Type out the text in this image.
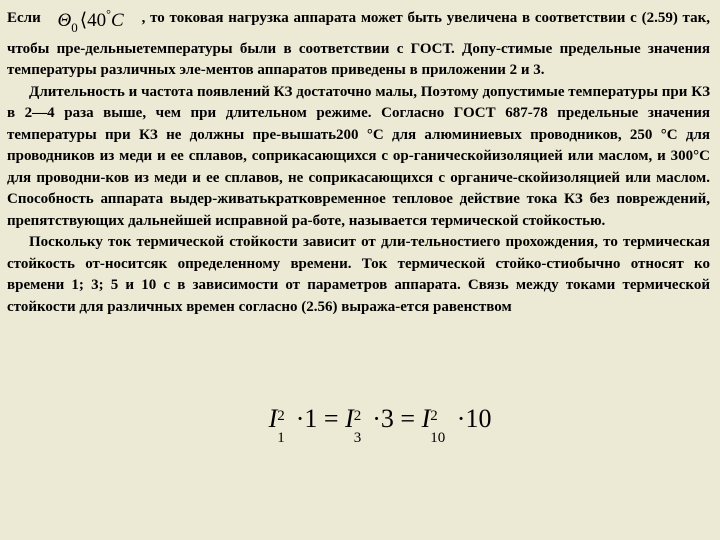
Если $\Theta_0$ ⟨40°C , то токовая нагрузка аппарата может быть увеличена в соответствии с (2.59) так, чтобы пре-дельныетемпературы были в соответствии с ГОСТ. Допу-стимые предельные значения температуры различных эле-ментов аппаратов приведены в приложении 2 и 3.

Длительность и частота появлений КЗ достаточно малы, Поэтому допустимые температуры при КЗ в 2—4 раза выше, чем при длительном режиме. Согласно ГОСТ 687-78 предельные значения температуры при КЗ не должны пре-вышать200 °C для алюминиевых проводников, 250 °C для проводников из меди и ее сплавов, соприкасающихся с ор-ганическойизоляцией или маслом, и 300°C для проводни-ков из меди и ее сплавов, не соприкасающихся с органиче-скойизоляцией или маслом. Способность аппарата выдер-живатькратковременное тепловое действие тока КЗ без повреждений, препятствующих дальнейшей исправной ра-боте, называется термической стойкостью.

Поскольку ток термической стойкости зависит от дли-тельностиего прохождения, то термическая стойкость от-носитсяк определенному времени. Ток термической стойко-стиобычно относят ко времени 1; 3; 5 и 10 с в зависимости от параметров аппарата. Связь между токами термической стойкости для различных времен согласно (2.56) выража-ется равенством

I 2
1
·1 = I 2
3
·3 = I 2
10
·10
